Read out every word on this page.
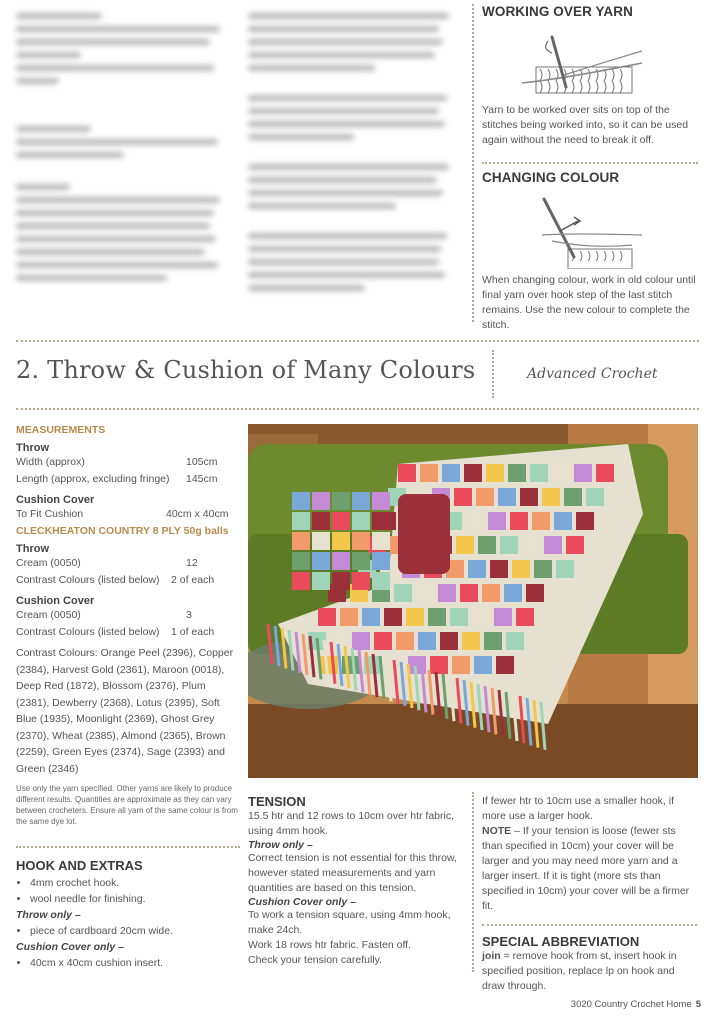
WORKING OVER YARN
Yarn to be worked over sits on top of the stitches being worked into, so it can be used again without the need to break it off.
CHANGING COLOUR
When changing colour, work in old colour until final yarn over hook step of the last stitch remains. Use the new colour to complete the stitch.
2. Throw & Cushion of Many Colours	Advanced Crochet
MEASUREMENTS
Throw
Width (approx)	105cm
Length (approx, excluding fringe)	145cm
Cushion Cover
To Fit Cushion	40cm x 40cm
CLECKHEATON COUNTRY 8 PLY 50g balls
Throw
Cream (0050)	12
Contrast Colours (listed below)	2 of each
Cushion Cover
Cream (0050)	3
Contrast Colours (listed below)	1 of each
Contrast Colours: Orange Peel (2396), Copper (2384), Harvest Gold (2361), Maroon (0018), Deep Red (1872), Blossom (2376), Plum (2381), Dewberry (2368), Lotus (2395), Soft Blue (1935), Moonlight (2369), Ghost Grey (2370), Wheat (2385), Almond (2365), Brown (2259), Green Eyes (2374), Sage (2393) and Green (2346)
Use only the yarn specified. Other yarns are likely to produce different results. Quantities are approximate as they can vary between crocheters. Ensure all yarn of the same colour is from the same dye lot.
HOOK AND EXTRAS
• 4mm crochet hook.
• wool needle for finishing.
Throw only –
• piece of cardboard 20cm wide.
Cushion Cover only –
• 40cm x 40cm cushion insert.
TENSION
15.5 htr and 12 rows to 10cm over htr fabric, using 4mm hook.
Throw only –
Correct tension is not essential for this throw, however stated measurements and yarn quantities are based on this tension.
Cushion Cover only –
To work a tension square, using 4mm hook, make 24ch.
Work 18 rows htr fabric. Fasten off.
Check your tension carefully.
If fewer htr to 10cm use a smaller hook, if more use a larger hook.
NOTE – If your tension is loose (fewer sts than specified in 10cm) your cover will be larger and you may need more yarn and a larger insert. If it is tight (more sts than specified in 10cm) your cover will be a firmer fit.
SPECIAL ABBREVIATION
join = remove hook from st, insert hook in specified position, replace lp on hook and draw through.
3020 Country Crochet Home 5
